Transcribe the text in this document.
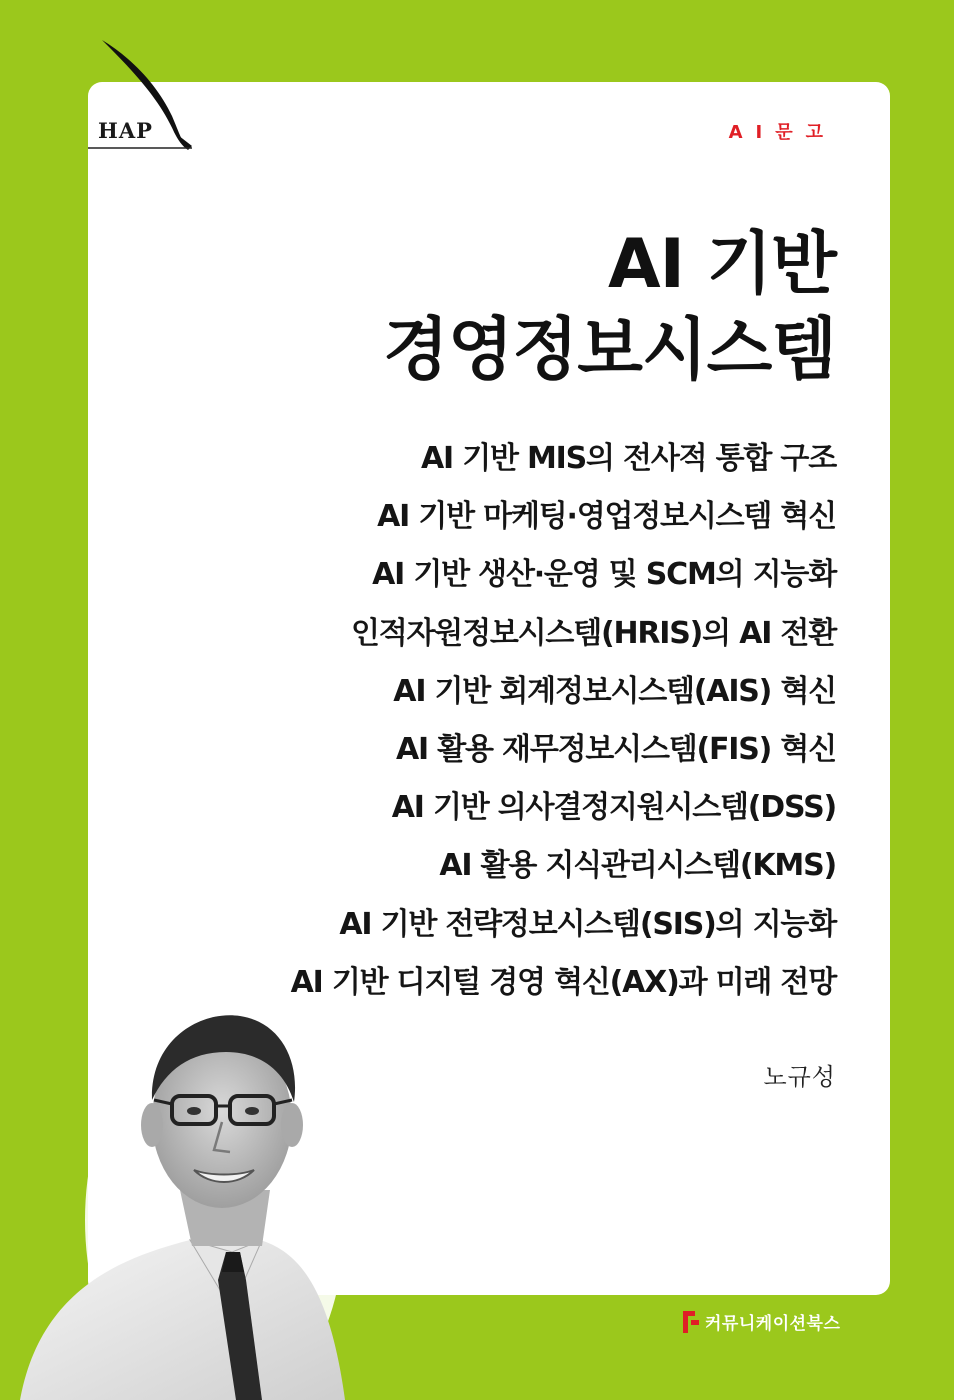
HAP	AI문고
AI 기반
경영정보시스템
AI 기반 MIS의 전사적 통합 구조
AI 기반 마케팅·영업정보시스템 혁신
AI 기반 생산·운영 및 SCM의 지능화
인적자원정보시스템(HRIS)의 AI 전환
AI 기반 회계정보시스템(AIS) 혁신
AI 활용 재무정보시스템(FIS) 혁신
AI 기반 의사결정지원시스템(DSS)
AI 활용 지식관리시스템(KMS)
AI 기반 전략정보시스템(SIS)의 지능화
AI 기반 디지털 경영 혁신(AX)과 미래 전망
노규성
커뮤니케이션북스
